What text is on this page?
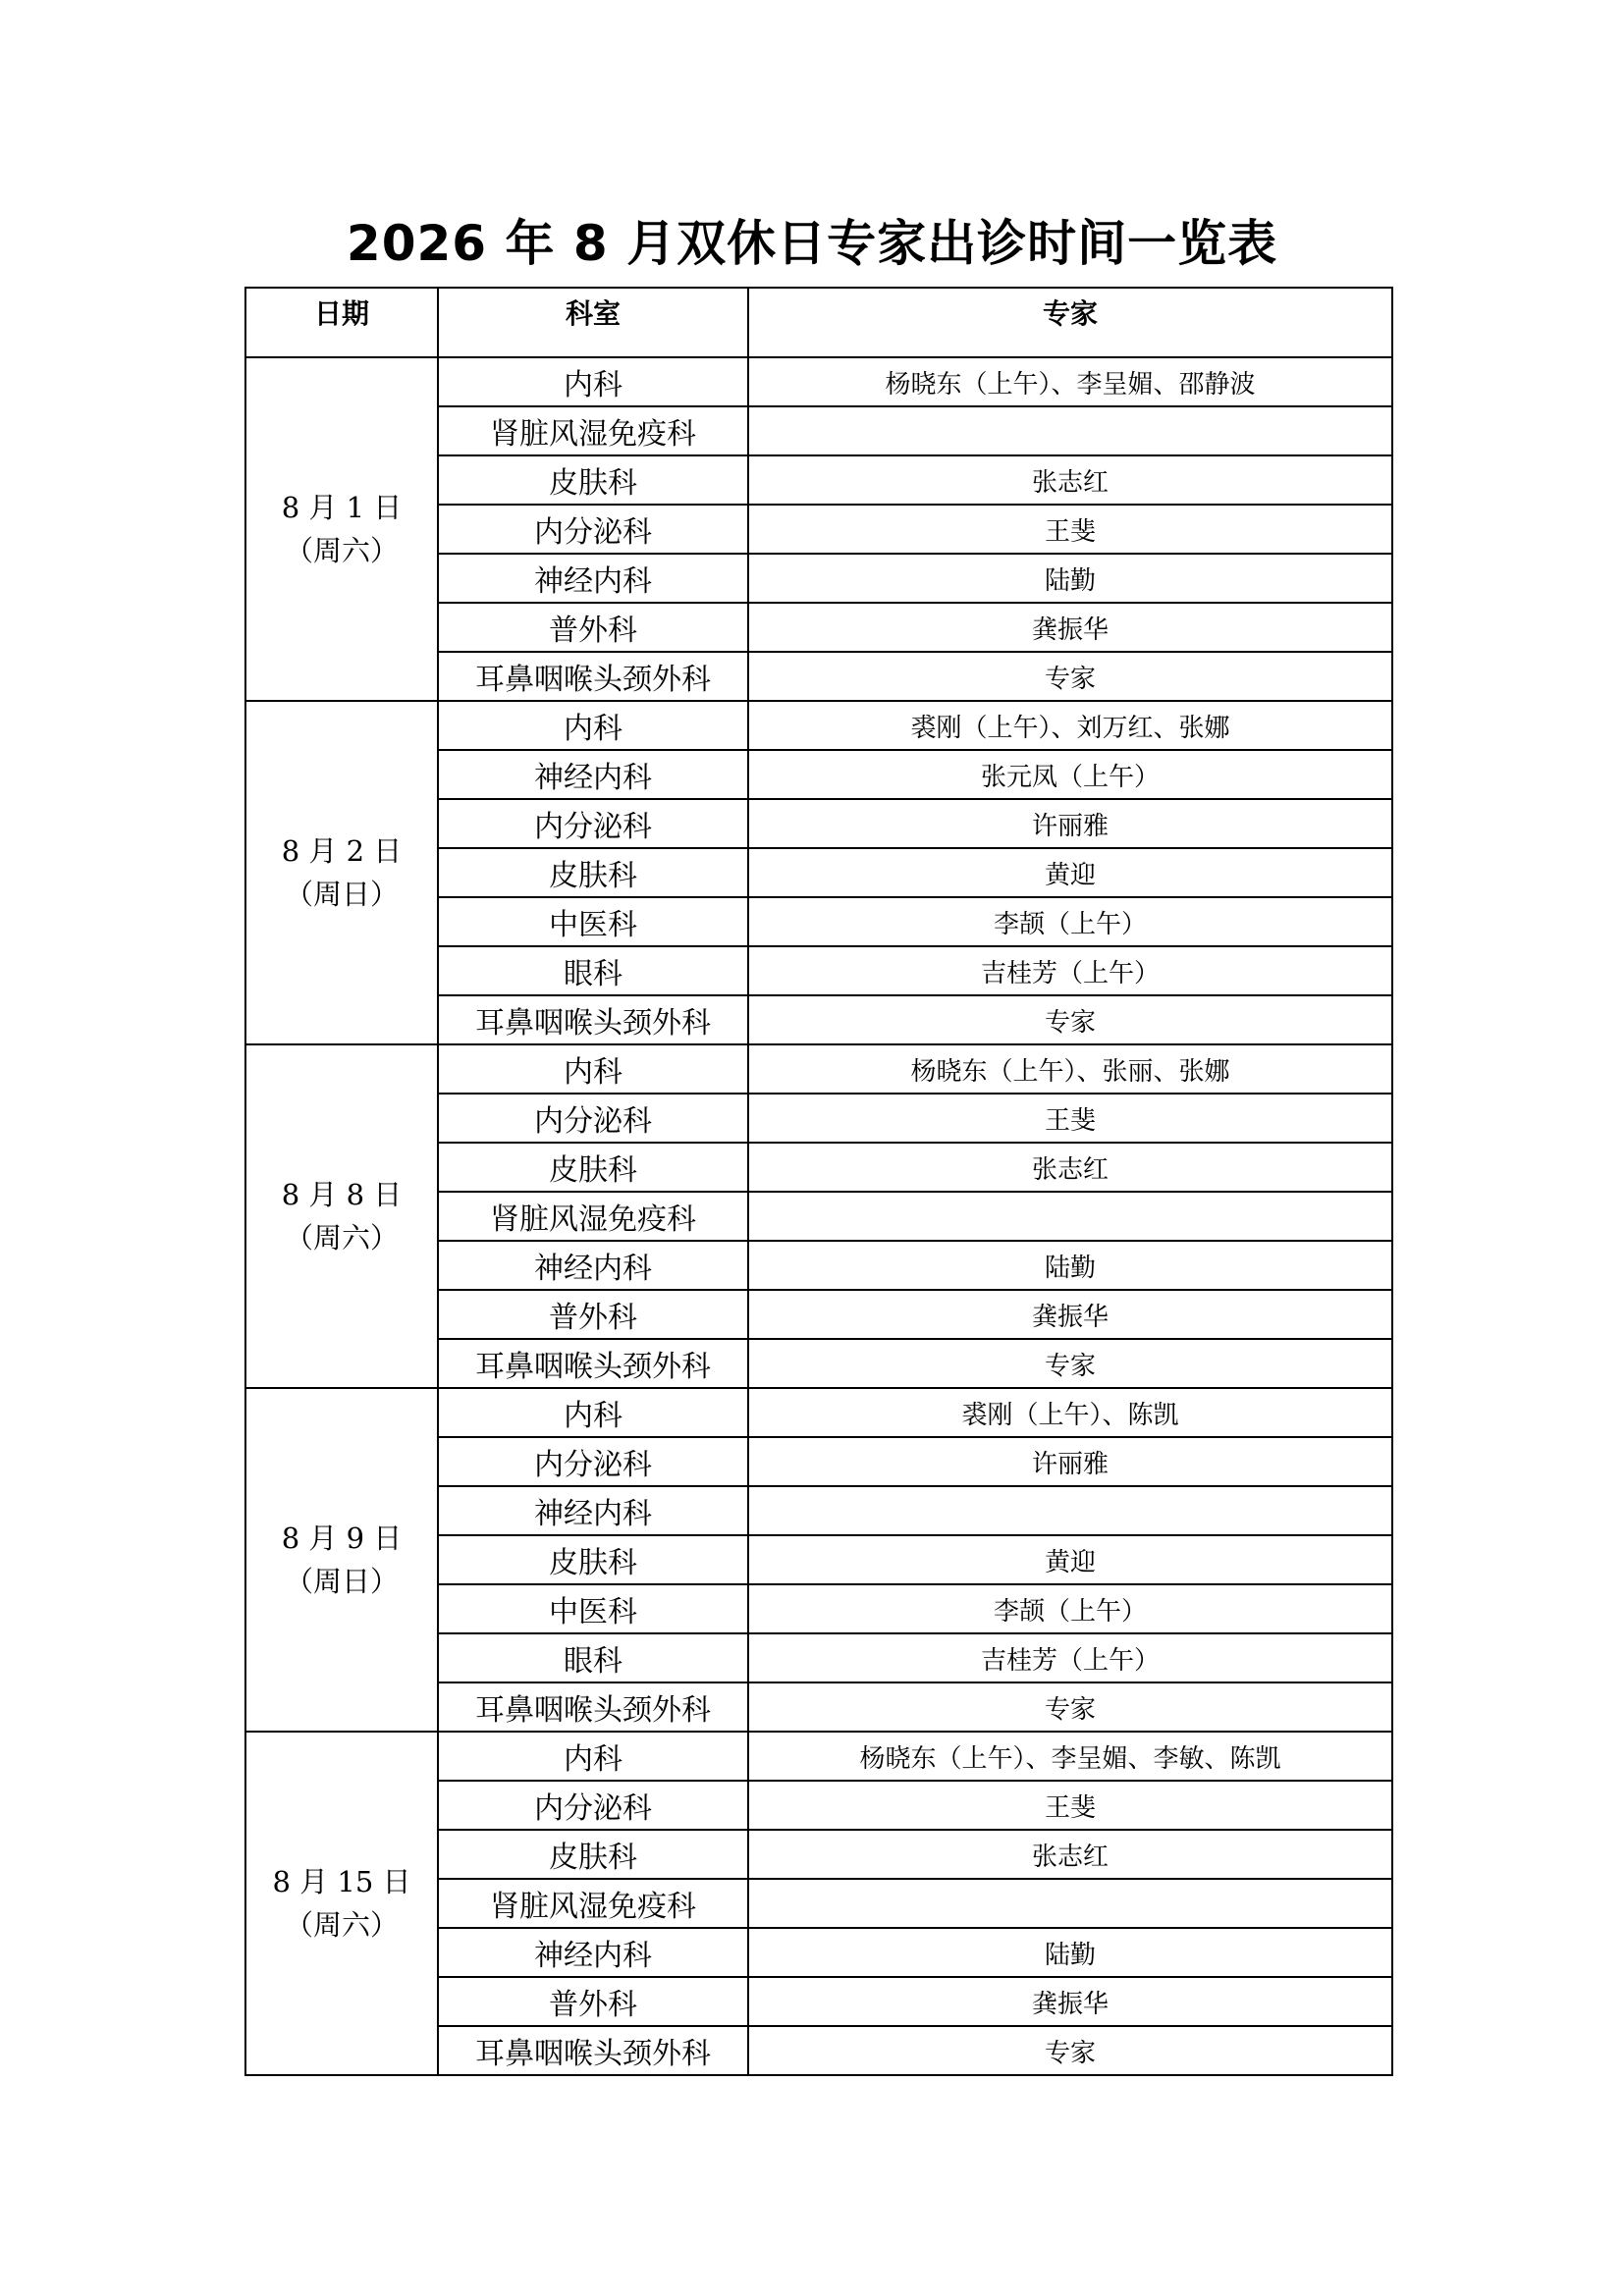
2026 年 8 月双休日专家出诊时间一览表
日期	科室	专家

8 月 1 日
（周六）	内科	杨晓东（上午）、李呈媚、邵静波
	肾脏风湿免疫科	
	皮肤科	张志红
	内分泌科	王斐
	神经内科	陆勤
	普外科	龚振华
	耳鼻咽喉头颈外科	专家

8 月 2 日
（周日）	内科	裘刚（上午）、刘万红、张娜
	神经内科	张元凤（上午）
	内分泌科	许丽雅
	皮肤科	黄迎
	中医科	李颉（上午）
	眼科	吉桂芳（上午）
	耳鼻咽喉头颈外科	专家

8 月 8 日
（周六）	内科	杨晓东（上午）、张丽、张娜
	内分泌科	王斐
	皮肤科	张志红
	肾脏风湿免疫科	
	神经内科	陆勤
	普外科	龚振华
	耳鼻咽喉头颈外科	专家

8 月 9 日
（周日）	内科	裘刚（上午）、陈凯
	内分泌科	许丽雅
	神经内科	
	皮肤科	黄迎
	中医科	李颉（上午）
	眼科	吉桂芳（上午）
	耳鼻咽喉头颈外科	专家

8 月 15 日
（周六）	内科	杨晓东（上午）、李呈媚、李敏、陈凯
	内分泌科	王斐
	皮肤科	张志红
	肾脏风湿免疫科	
	神经内科	陆勤
	普外科	龚振华
	耳鼻咽喉头颈外科	专家
